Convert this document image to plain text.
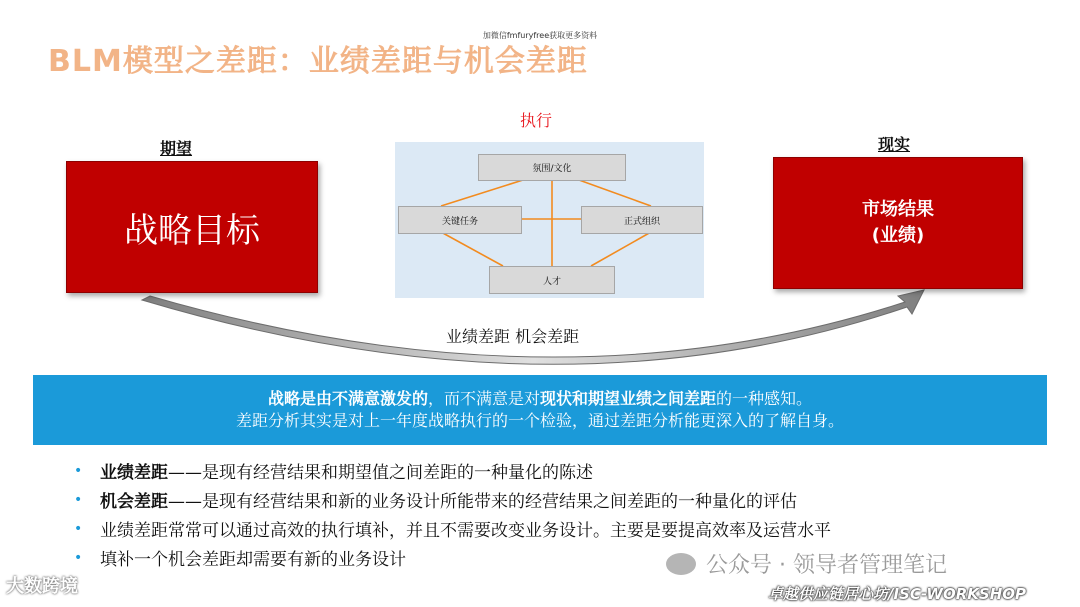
加微信fmfuryfree获取更多资料
BLM模型之差距：业绩差距与机会差距
期望	现实
执行
战略目标
市场结果
(业绩)
氛围/文化
关键任务	正式组织
人才
业绩差距 机会差距
战略是由不满意激发的，而不满意是对现状和期望业绩之间差距的一种感知。
差距分析其实是对上一年度战略执行的一个检验，通过差距分析能更深入的了解自身。
•	业绩差距 ——是现有经营结果和期望值之间差距的一种量化的陈述
•	机会差距 ——是现有经营结果和新的业务设计所能带来的经营结果之间差距的一种量化的评估
•	业绩差距常常可以通过高效的执行填补，并且不需要改变业务设计。主要是要提高效率及运营水平
•	填补一个机会差距却需要有新的业务设计	公众号 · 领导者管理笔记
大数跨境	卓越供应链居心坊/ISC-WORKSHOP
